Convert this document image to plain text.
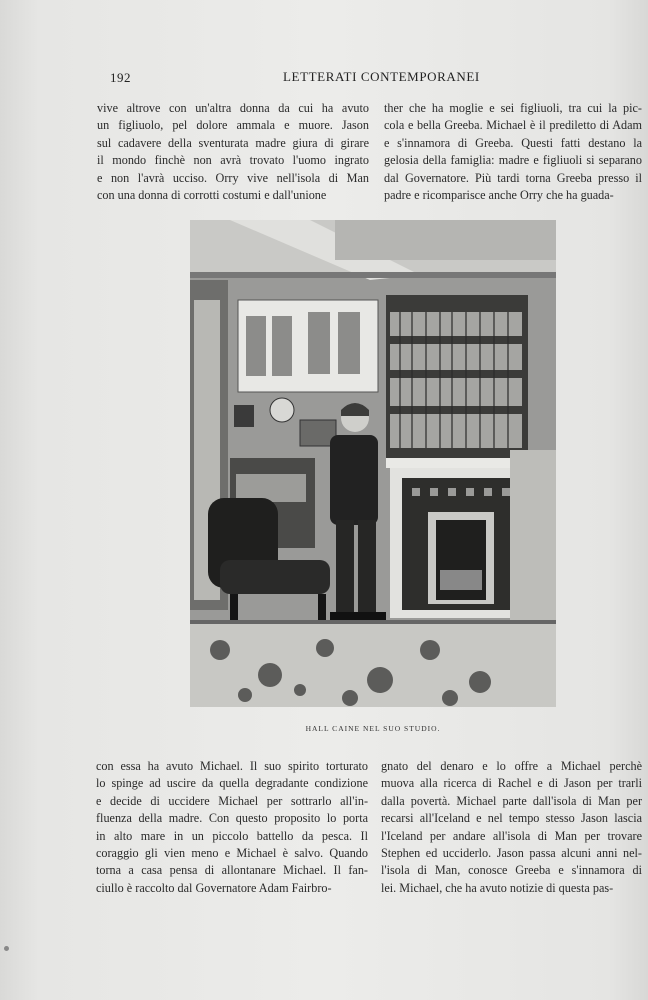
192	LETTERATI CONTEMPORANEI

vive altrove con un'altra donna da cui ha avuto

un figliuolo, pel dolore ammala e muore. Jason

sul cadavere della sventurata madre giura di girare

il mondo finchè non avrà trovato l'uomo ingrato

e non l'avrà ucciso. Orry vive nell'isola di Man

con una donna di corrotti costumi e dall'unione

ther che ha moglie e sei figliuoli, tra cui la pic-

cola e bella Greeba. Michael è il prediletto di Adam

e s'innamora di Greeba. Questi fatti destano la

gelosia della famiglia: madre e figliuoli si separano

dal Governatore. Più tardi torna Greeba presso il

padre e ricomparisce anche Orry che ha guada-

HALL CAINE NEL SUO STUDIO.

con essa ha avuto Michael. Il suo spirito torturato

lo spinge ad uscire da quella degradante condizione

e decide di uccidere Michael per sottrarlo all'in-

fluenza della madre. Con questo proposito lo porta

in alto mare in un piccolo battello da pesca. Il

coraggio gli vien meno e Michael è salvo. Quando

torna a casa pensa di allontanare Michael. Il fan-

ciullo è raccolto dal Governatore Adam Fairbro-

gnato del denaro e lo offre a Michael perchè

muova alla ricerca di Rachel e di Jason per trarli

dalla povertà. Michael parte dall'isola di Man per

recarsi all'Iceland e nel tempo stesso Jason lascia

l'Iceland per andare all'isola di Man per trovare

Stephen ed ucciderlo. Jason passa alcuni anni nel-

l'isola di Man, conosce Greeba e s'innamora di

lei. Michael, che ha avuto notizie di questa pas-
